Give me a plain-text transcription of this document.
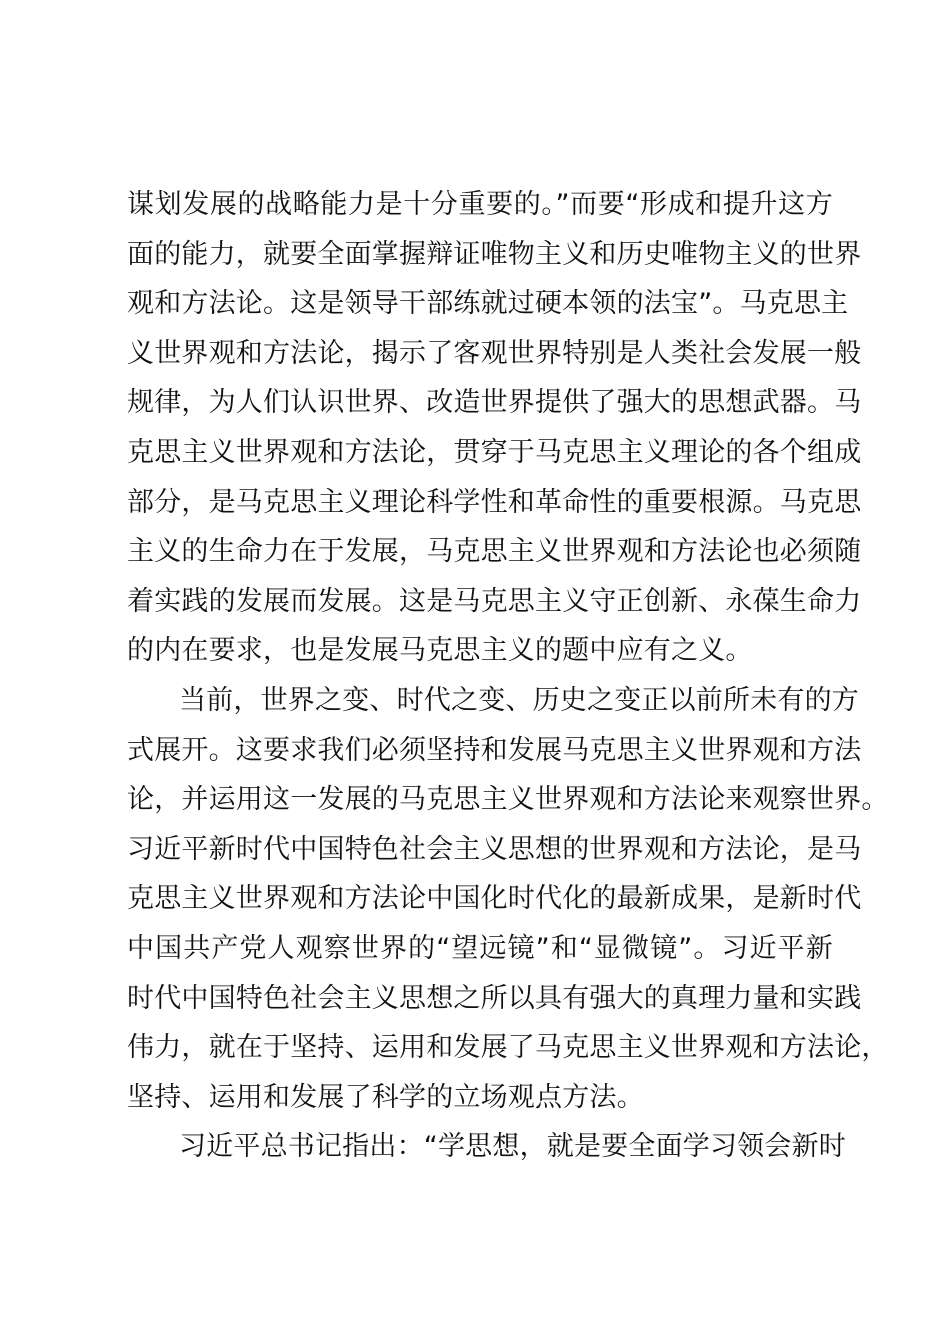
谋划发展的战略能力是十分重要的。”而要“形成和提升这方
面的能力，就要全面掌握辩证唯物主义和历史唯物主义的世界
观和方法论。这是领导干部练就过硬本领的法宝”。马克思主
义世界观和方法论，揭示了客观世界特别是人类社会发展一般
规律，为人们认识世界、改造世界提供了强大的思想武器。马
克思主义世界观和方法论，贯穿于马克思主义理论的各个组成
部分，是马克思主义理论科学性和革命性的重要根源。马克思
主义的生命力在于发展，马克思主义世界观和方法论也必须随
着实践的发展而发展。这是马克思主义守正创新、永葆生命力
的内在要求，也是发展马克思主义的题中应有之义。
当前，世界之变、时代之变、历史之变正以前所未有的方
式展开。这要求我们必须坚持和发展马克思主义世界观和方法
论，并运用这一发展的马克思主义世界观和方法论来观察世界。
习近平新时代中国特色社会主义思想的世界观和方法论，是马
克思主义世界观和方法论中国化时代化的最新成果，是新时代
中国共产党人观察世界的“望远镜”和“显微镜”。习近平新
时代中国特色社会主义思想之所以具有强大的真理力量和实践
伟力，就在于坚持、运用和发展了马克思主义世界观和方法论，
坚持、运用和发展了科学的立场观点方法。
习近平总书记指出：“学思想，就是要全面学习领会新时
